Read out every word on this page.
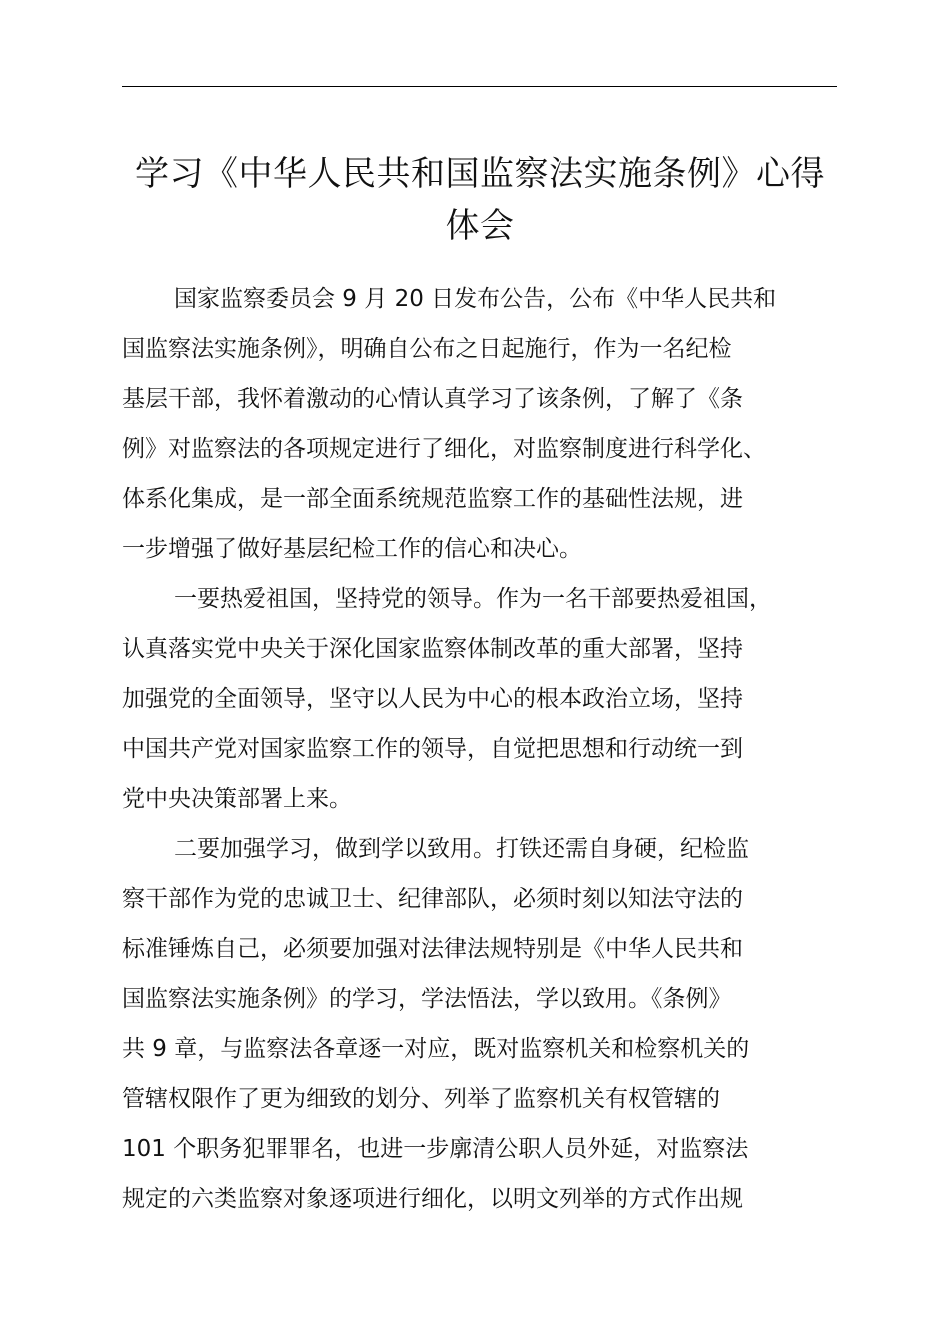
学习《中华人民共和国监察法实施条例》心得
体会

国家监察委员会 9 月 20 日发布公告，公布《中华人民共和
国监察法实施条例》，明确自公布之日起施行，作为一名纪检
基层干部，我怀着激动的心情认真学习了该条例，了解了《条
例》对监察法的各项规定进行了细化，对监察制度进行科学化、
体系化集成，是一部全面系统规范监察工作的基础性法规，进
一步增强了做好基层纪检工作的信心和决心。

一要热爱祖国，坚持党的领导。作为一名干部要热爱祖国，
认真落实党中央关于深化国家监察体制改革的重大部署，坚持
加强党的全面领导，坚守以人民为中心的根本政治立场，坚持
中国共产党对国家监察工作的领导，自觉把思想和行动统一到
党中央决策部署上来。

二要加强学习，做到学以致用。打铁还需自身硬，纪检监
察干部作为党的忠诚卫士、纪律部队，必须时刻以知法守法的
标准锤炼自己，必须要加强对法律法规特别是《中华人民共和
国监察法实施条例》的学习，学法悟法，学以致用。《条例》
共 9 章，与监察法各章逐一对应，既对监察机关和检察机关的
管辖权限作了更为细致的划分、列举了监察机关有权管辖的
101 个职务犯罪罪名，也进一步廓清公职人员外延，对监察法
规定的六类监察对象逐项进行细化，以明文列举的方式作出规
